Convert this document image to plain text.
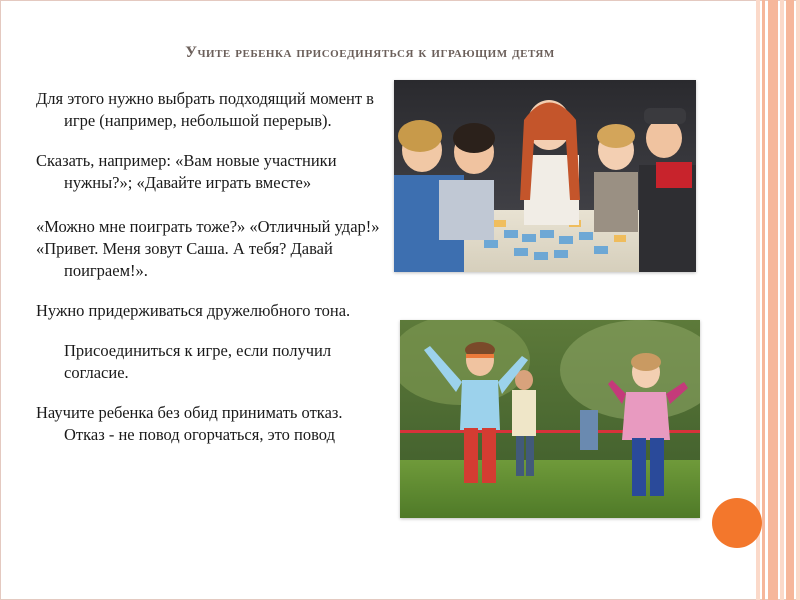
Учите ребенка присоединяться к играющим детям

Для этого нужно выбрать подходящий момент в игре (например, небольшой перерыв).

Сказать, например: «Вам новые участники нужны?»; «Давайте играть вместе»

«Можно мне поиграть тоже?» «Отличный удар!»

«Привет. Меня зовут Саша. А тебя? Давай поиграем!».

Нужно придерживаться дружелюбного тона.

Присоединиться к игре, если получил согласие.

Научите ребенка без обид принимать отказ. Отказ - не повод огорчаться, это повод
